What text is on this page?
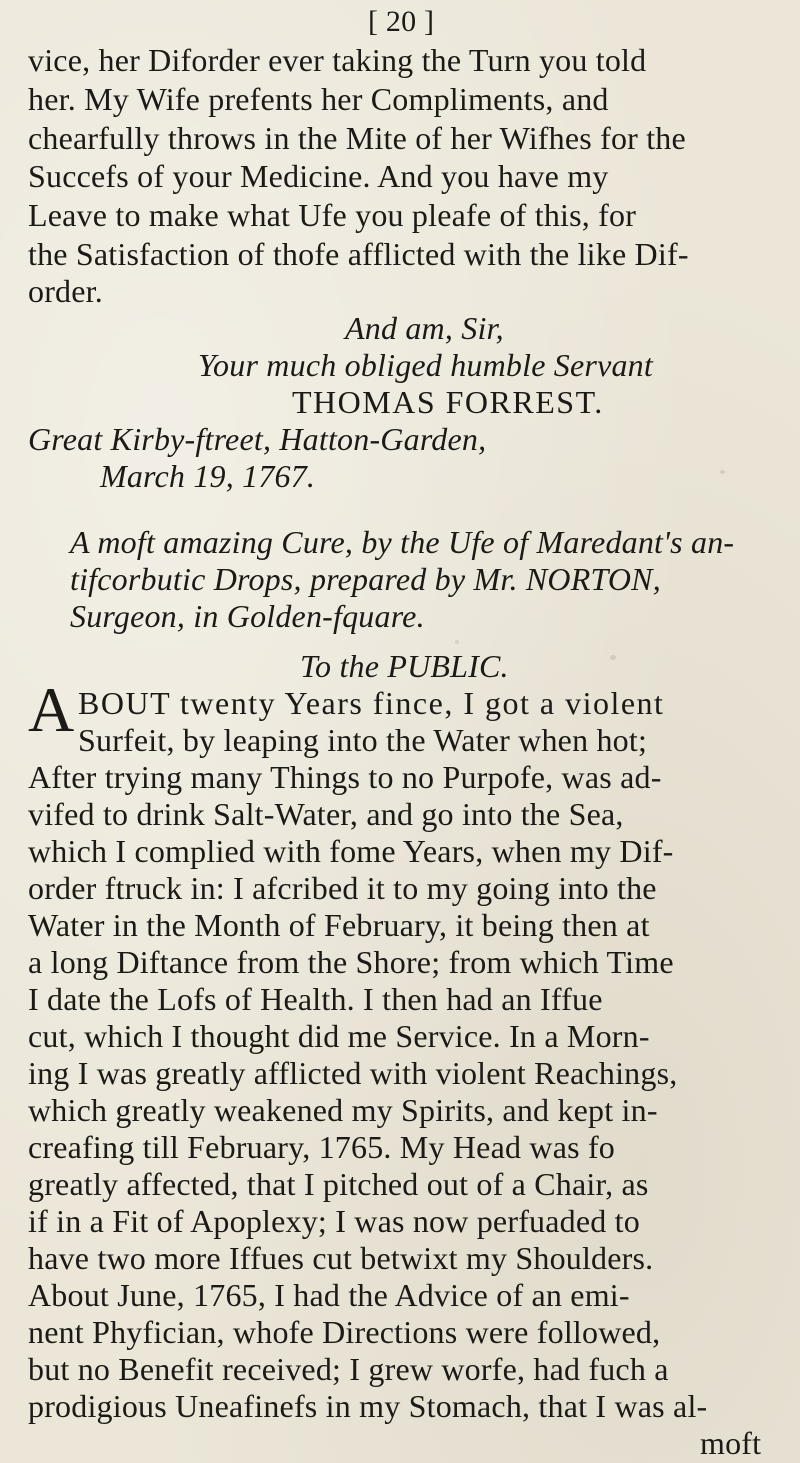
[ 20 ]
vice, her Diforder ever taking the Turn you told
her. My Wife prefents her Compliments, and
chearfully throws in the Mite of her Wifhes for the
Succefs of your Medicine. And you have my
Leave to make what Ufe you pleafe of this, for
the Satisfaction of thofe afflicted with the like Dif-
order.
And am, Sir,
Your much obliged humble Servant
THOMAS FORREST.
Great Kirby-ftreet, Hatton-Garden,
March 19, 1767.
A moft amazing Cure, by the Ufe of Maredant's an-
tifcorbutic Drops, prepared by Mr. NORTON,
Surgeon, in Golden-fquare.
To the PUBLIC.
A BOUT twenty Years fince, I got a violent
Surfeit, by leaping into the Water when hot;
After trying many Things to no Purpofe, was ad-
vifed to drink Salt-Water, and go into the Sea,
which I complied with fome Years, when my Dif-
order ftruck in: I afcribed it to my going into the
Water in the Month of February, it being then at
a long Diftance from the Shore; from which Time
I date the Lofs of Health. I then had an Iffue
cut, which I thought did me Service. In a Morn-
ing I was greatly afflicted with violent Reachings,
which greatly weakened my Spirits, and kept in-
creafing till February, 1765. My Head was fo
greatly affected, that I pitched out of a Chair, as
if in a Fit of Apoplexy; I was now perfuaded to
have two more Iffues cut betwixt my Shoulders.
About June, 1765, I had the Advice of an emi-
nent Phyfician, whofe Directions were followed,
but no Benefit received; I grew worfe, had fuch a
prodigious Uneafinefs in my Stomach, that I was al-
moft
